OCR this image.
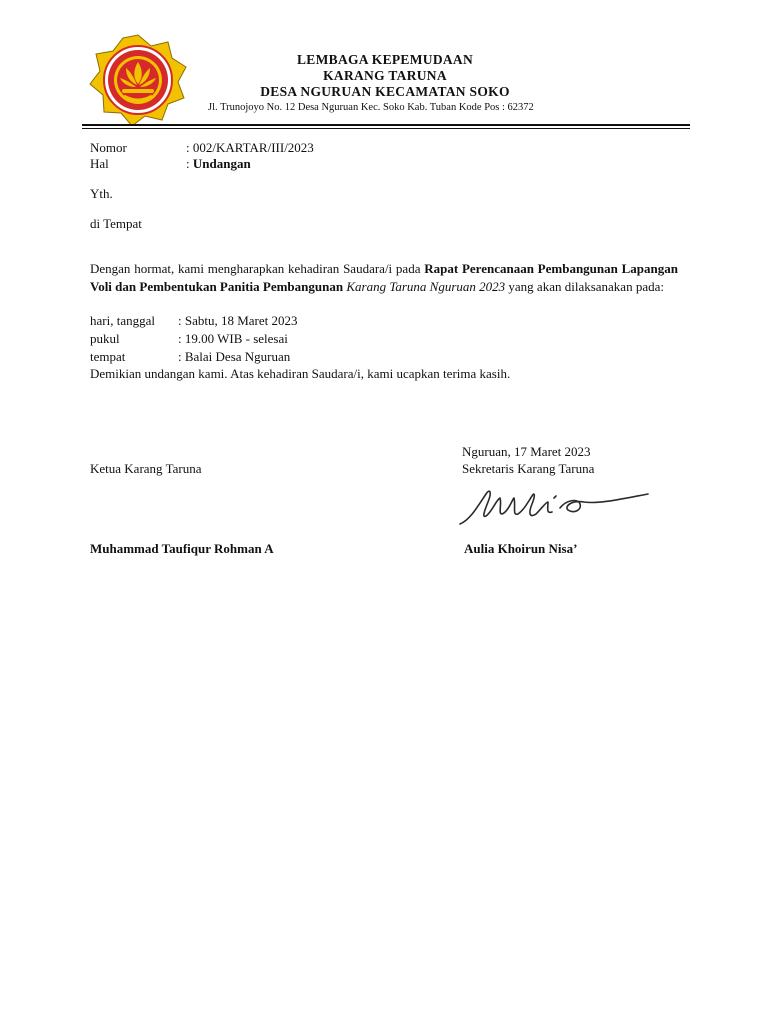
LEMBAGA KEPEMUDAAN
KARANG TARUNA
DESA NGURUAN KECAMATAN SOKO
Jl. Trunojoyo No. 12 Desa Nguruan Kec. Soko Kab. Tuban Kode Pos : 62372
Nomor	: 002/KARTAR/III/2023
Hal	: Undangan
Yth.
di Tempat
Dengan hormat, kami mengharapkan kehadiran Saudara/i pada Rapat Perencanaan Pembangunan Lapangan Voli dan Pembentukan Panitia Pembangunan Karang Taruna Nguruan 2023 yang akan dilaksanakan pada:
hari, tanggal : Sabtu, 18 Maret 2023
pukul	: 19.00 WIB - selesai
tempat	: Balai Desa Nguruan
Demikian undangan kami. Atas kehadiran Saudara/i, kami ucapkan terima kasih.
Nguruan, 17 Maret 2023
Ketua Karang Taruna	Sekretaris Karang Taruna
Muhammad Taufiqur Rohman A	Aulia Khoirun Nisa’
